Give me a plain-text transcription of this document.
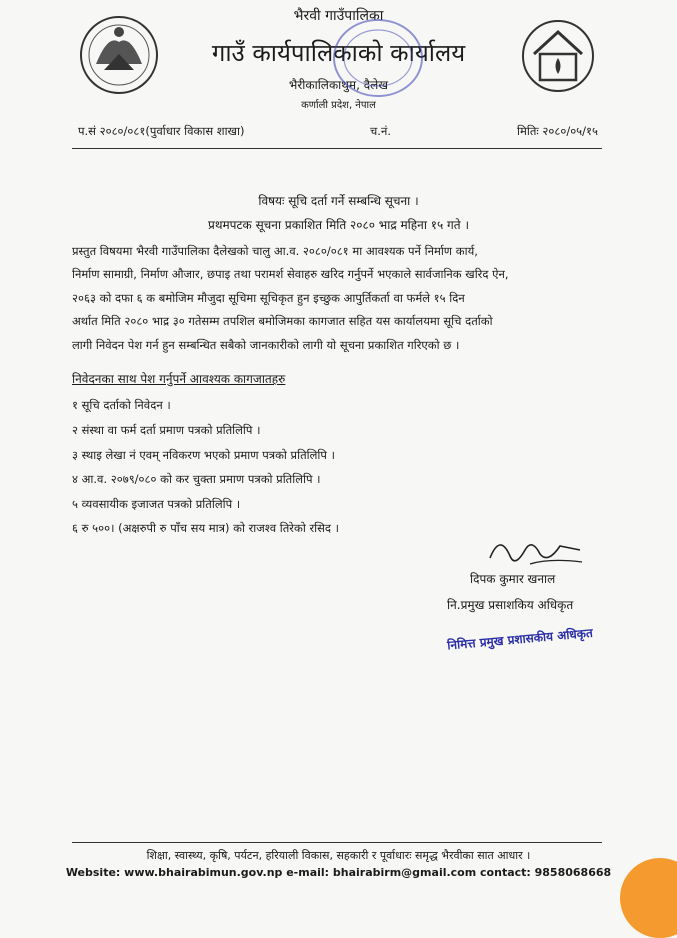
भैरवी गाउँपालिका
गाउँ कार्यपालिकाको कार्यालय
भैरीकालिकाथुम, दैलेख
कर्णाली प्रदेश, नेपाल
प.सं २०८०/०८१(पुर्वाधार विकास शाखा)	च.नं.	मितिः २०८०/०५/१५
विषयः सूचि दर्ता गर्ने सम्बन्धि सूचना ।
प्रथमपटक सूचना प्रकाशित मिति २०८० भाद्र महिना १५ गते ।
प्रस्तुत विषयमा भैरवी गाउँपालिका दैलेखको चालु आ.व. २०८०/०८१ मा आवश्यक पर्ने निर्माण कार्य,
निर्माण सामाग्री, निर्माण औजार, छपाइ तथा परामर्श सेवाहरु खरिद गर्नुपर्ने भएकाले सार्वजानिक खरिद ऐन,
२०६३ को दफा ६ क बमोजिम मौजुदा सूचिमा सूचिकृत हुन इच्छुक आपुर्तिकर्ता वा फर्मले १५ दिन
अर्थात मिति २०८० भाद्र ३० गतेसम्म तपशिल बमोजिमका कागजात सहित यस कार्यालयमा सूचि दर्ताको
लागी निवेदन पेश गर्न हुन सम्बन्धित सबैको जानकारीको लागी यो सूचना प्रकाशित गरिएको छ ।
निवेदनका साथ पेश गर्नुपर्ने आवश्यक कागजातहरु
१ सूचि दर्ताको निवेदन ।
२ संस्था वा फर्म दर्ता प्रमाण पत्रको प्रतिलिपि ।
३ स्थाइ लेखा नं एवम् नविकरण भएको प्रमाण पत्रको प्रतिलिपि ।
४ आ.व. २०७९/०८० को कर चुक्ता प्रमाण पत्रको प्रतिलिपि ।
५ व्यवसायीक इजाजत पत्रको प्रतिलिपि ।
६ रु ५००। (अक्षरुपी रु पाँच सय मात्र) को राजश्व तिरेको रसिद ।
दिपक कुमार खनाल
नि.प्रमुख प्रसाशकिय अधिकृत
निमित्त प्रमुख प्रशासकीय अधिकृत
शिक्षा, स्वास्थ्य, कृषि, पर्यटन, हरियाली विकास, सहकारी र पूर्वाधारः समृद्ध भैरवीका सात आधार ।
Website: www.bhairabimun.gov.np e-mail: bhairabirm@gmail.com contact: 9858068668
